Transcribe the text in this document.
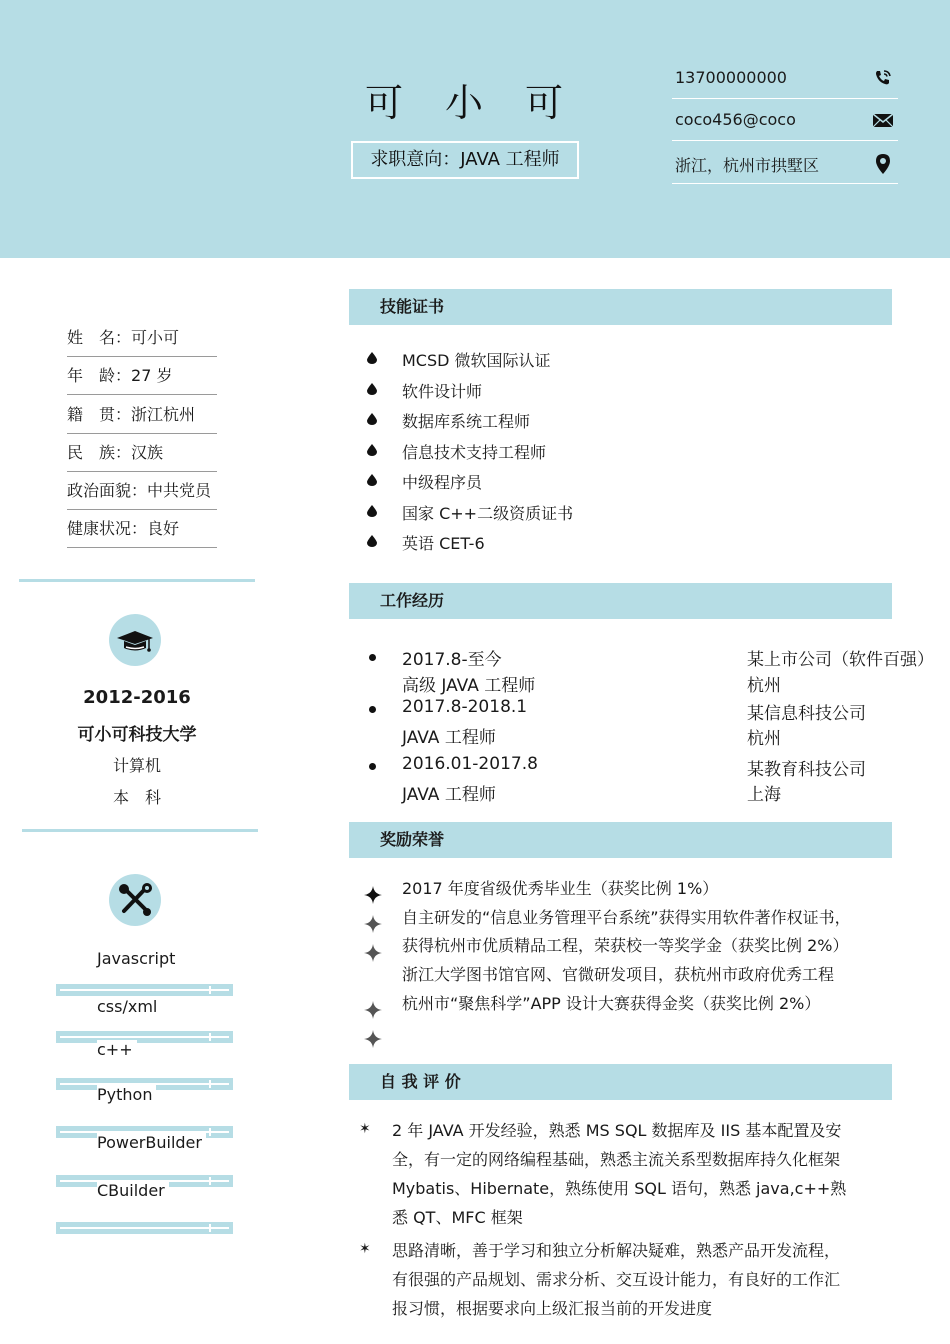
可　小　可
求职意向：JAVA 工程师
13700000000
coco456@coco
浙江，杭州市拱墅区
姓　名：可小可
年　龄：27 岁
籍　贯：浙江杭州
民　族：汉族
政治面貌：中共党员
健康状况：良好
2012-2016
可小可科技大学
计算机
本　科
Javascript
css/xml
c++
Python
PowerBuilder
CBuilder
技能证书
MCSD 微软国际认证
软件设计师
数据库系统工程师
信息技术支持工程师
中级程序员
国家 C++二级资质证书
英语 CET-6
工作经历
2017.8-至今
高级 JAVA 工程师
某上市公司（软件百强）
杭州
2017.8-2018.1
JAVA 工程师
某信息科技公司
杭州
2016.01-2017.8
JAVA 工程师
某教育科技公司
上海
奖励荣誉
2017 年度省级优秀毕业生（获奖比例 1%）
自主研发的“信息业务管理平台系统”获得实用软件著作权证书，
获得杭州市优质精品工程，荣获校一等奖学金（获奖比例 2%）
浙江大学图书馆官网、官微研发项目，获杭州市政府优秀工程
杭州市“聚焦科学”APP 设计大赛获得金奖（获奖比例 2%）
自 我 评 价
✶ 2 年 JAVA 开发经验，熟悉 MS SQL 数据库及 IIS 基本配置及安
全，有一定的网络编程基础，熟悉主流关系型数据库持久化框架
Mybatis、Hibernate，熟练使用 SQL 语句，熟悉 java,c++熟
悉 QT、MFC 框架
✶ 思路清晰，善于学习和独立分析解决疑难，熟悉产品开发流程，
有很强的产品规划、需求分析、交互设计能力，有良好的工作汇
报习惯，根据要求向上级汇报当前的开发进度
